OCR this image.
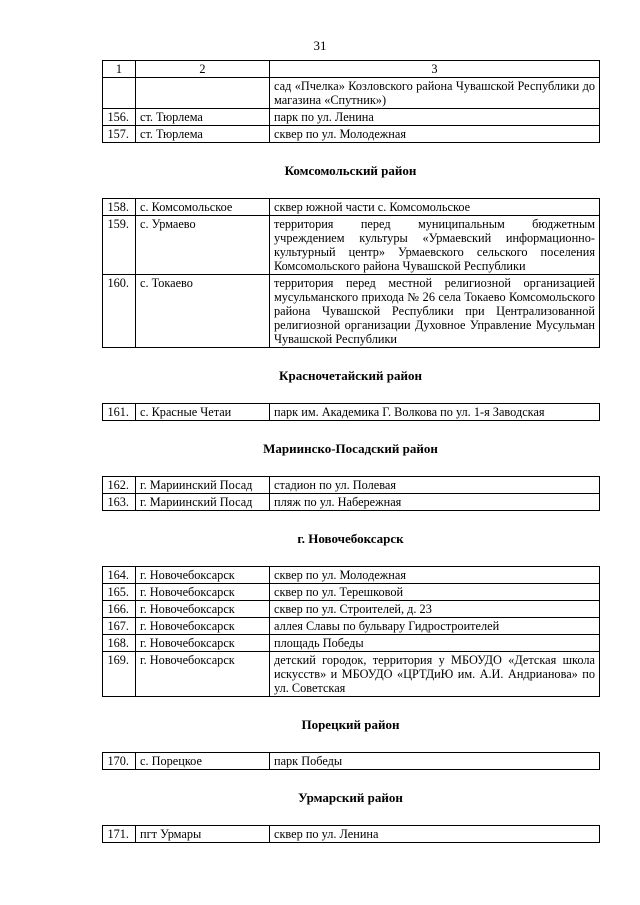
31
1	2	3
		сад «Пчелка» Козловского района Чувашской Республики до магазина «Спутник»)
156.	ст. Тюрлема	парк по ул. Ленина
157.	ст. Тюрлема	сквер по ул. Молодежная
Комсомольский район
158.	с. Комсомольское	сквер южной части с. Комсомольское
159.	с. Урмаево	территория перед муниципальным бюджетным учреждением культуры «Урмаевский информационно-культурный центр» Урмаевского сельского поселения Комсомольского района Чувашской Республики
160.	с. Токаево	территория перед местной религиозной организацией мусульманского прихода № 26 села Токаево Комсомольского района Чувашской Республики при Централизованной религиозной организации Духовное Управление Мусульман Чувашской Республики
Красночетайский район
161.	с. Красные Четаи	парк им. Академика Г. Волкова по ул. 1-я Заводская
Мариинско-Посадский район
162.	г. Мариинский Посад	стадион по ул. Полевая
163.	г. Мариинский Посад	пляж по ул. Набережная
г. Новочебоксарск
164.	г. Новочебоксарск	сквер по ул. Молодежная
165.	г. Новочебоксарск	сквер по ул. Терешковой
166.	г. Новочебоксарск	сквер по ул. Строителей, д. 23
167.	г. Новочебоксарск	аллея Славы по бульвару Гидростроителей
168.	г. Новочебоксарск	площадь Победы
169.	г. Новочебоксарск	детский городок, территория у МБОУДО «Детская школа искусств» и МБОУДО «ЦРТДиЮ им. А.И. Андрианова» по ул. Советская
Порецкий район
170.	с. Порецкое	парк Победы
Урмарский район
171.	пгт Урмары	сквер по ул. Ленина
